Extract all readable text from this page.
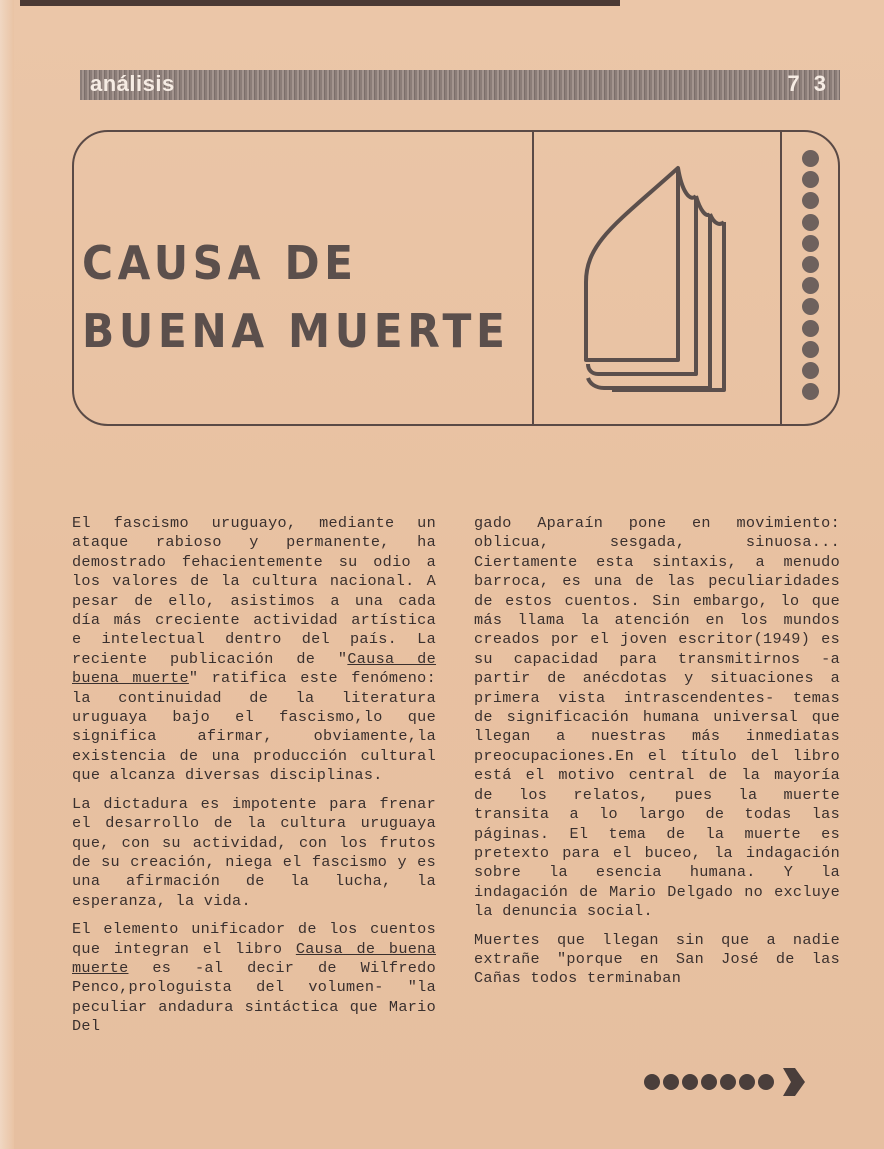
análisis	7 3
CAUSA DE
BUENA MUERTE

El fascismo uruguayo, mediante un ataque rabioso y permanente, ha demostrado fehacientemente su odio a los valores de la cultura nacional. A pesar de ello, asistimos a una cada día más creciente actividad artística e intelectual dentro del país. La reciente publicación de "Causa de buena muerte" ratifica este fenómeno: la continuidad de la literatura uruguaya bajo el fascismo,lo que significa afirmar, obviamente,la existencia de una producción cultural que alcanza diversas disciplinas.

La dictadura es impotente para frenar el desarrollo de la cultura uruguaya que, con su actividad, con los frutos de su creación, niega el fascismo y es una afirmación de la lucha, la esperanza, la vida.

El elemento unificador de los cuentos que integran el libro Causa de buena muerte es -al decir de Wilfredo Penco,prologuista del volumen- "la peculiar andadura sintáctica que Mario Del

gado Aparaín pone en movimiento: oblicua, sesgada, sinuosa... Ciertamente esta sintaxis, a menudo barroca, es una de las peculiaridades de estos cuentos. Sin embargo, lo que más llama la atención en los mundos creados por el joven escritor(1949) es su capacidad para transmitirnos -a partir de anécdotas y situaciones a primera vista intrascendentes- temas de significación humana universal que llegan a nuestras más inmediatas preocupaciones.En el título del libro está el motivo central de la mayoría de los relatos, pues la muerte transita a lo largo de todas las páginas. El tema de la muerte es pretexto para el buceo, la indagación sobre la esencia humana. Y la indagación de Mario Delgado no excluye la denuncia social.

Muertes que llegan sin que a nadie extrañe "porque en San José de las Cañas todos terminaban
